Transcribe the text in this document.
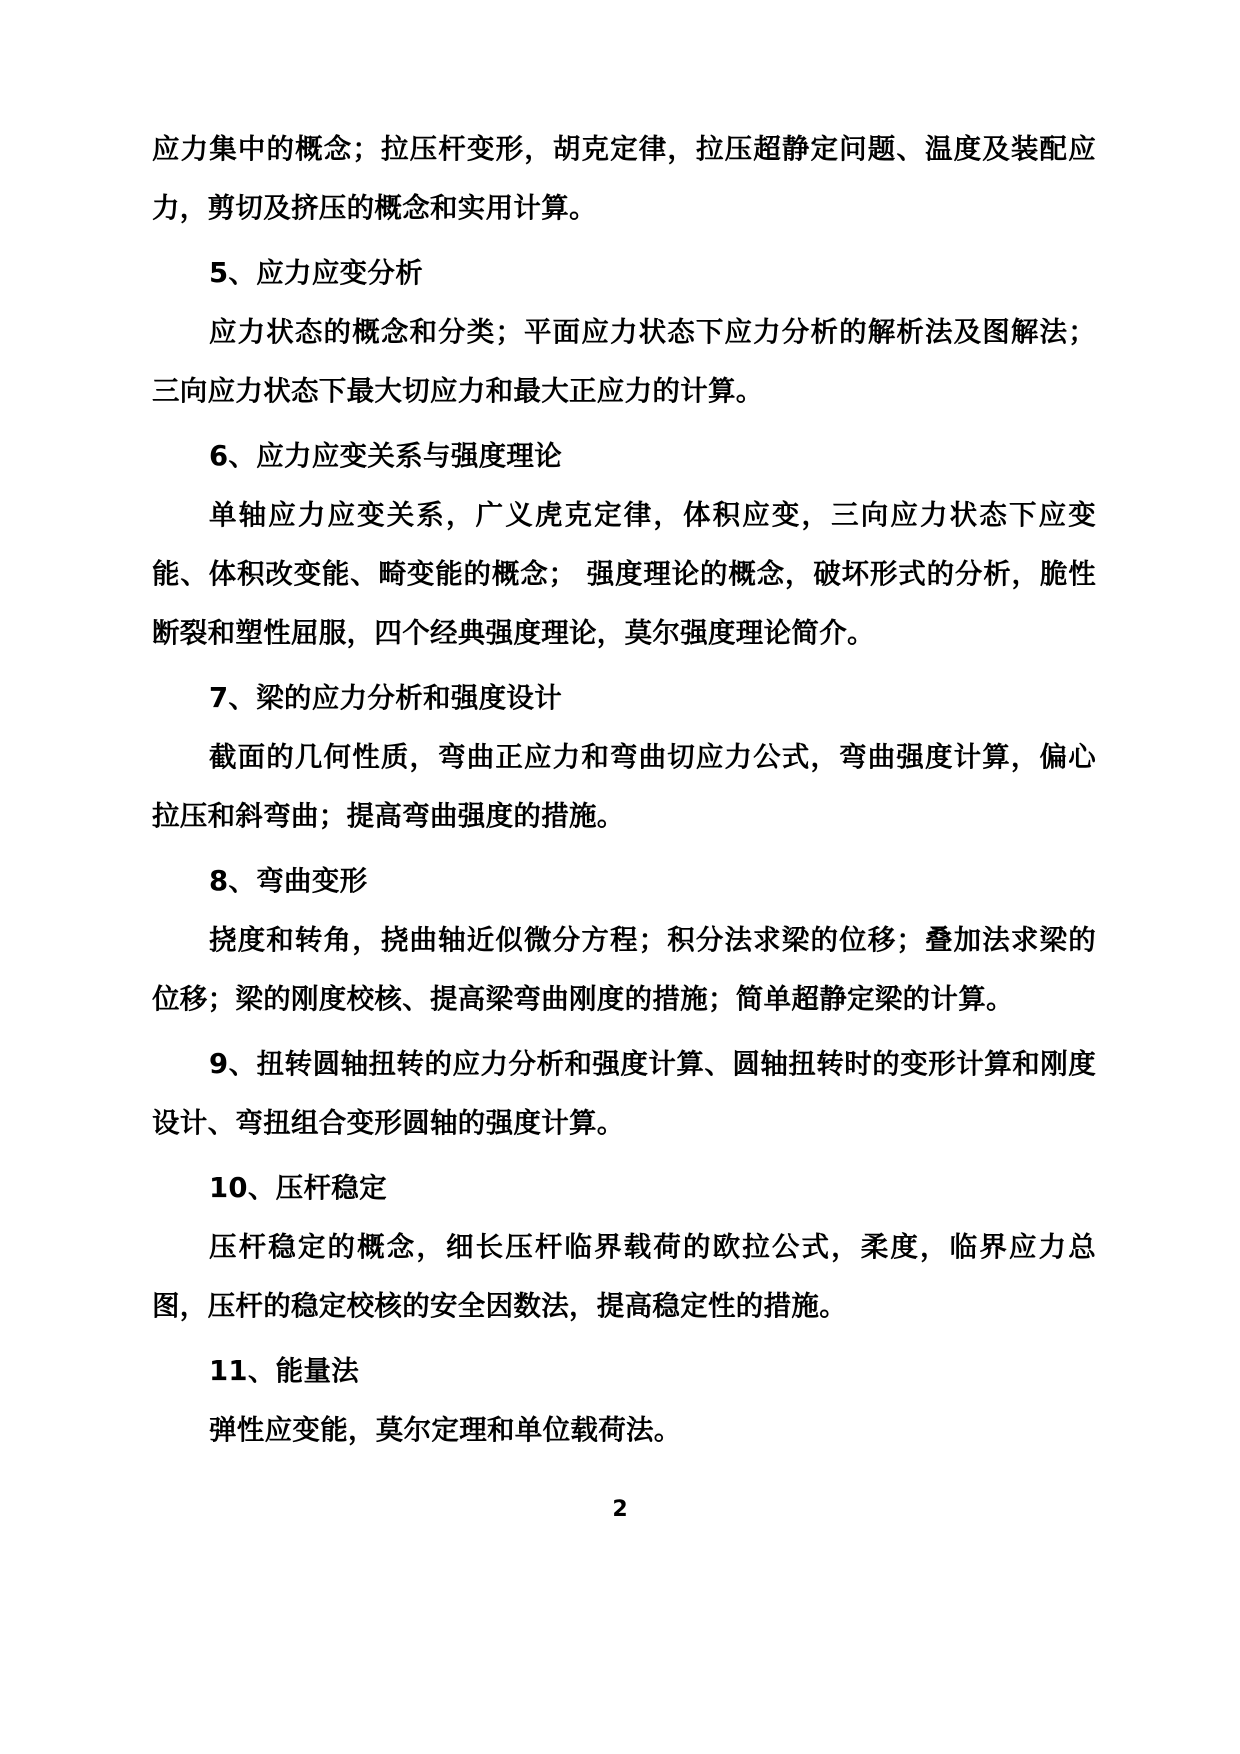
应力集中的概念；拉压杆变形，胡克定律，拉压超静定问题、温度及装配应力，剪切及挤压的概念和实用计算。

5、应力应变分析

应力状态的概念和分类；平面应力状态下应力分析的解析法及图解法；三向应力状态下最大切应力和最大正应力的计算。

6、应力应变关系与强度理论

单轴应力应变关系，广义虎克定律，体积应变，三向应力状态下应变能、体积改变能、畸变能的概念； 强度理论的概念，破坏形式的分析，脆性断裂和塑性屈服，四个经典强度理论，莫尔强度理论简介。

7、梁的应力分析和强度设计

截面的几何性质，弯曲正应力和弯曲切应力公式，弯曲强度计算，偏心拉压和斜弯曲；提高弯曲强度的措施。

8、弯曲变形

挠度和转角，挠曲轴近似微分方程；积分法求梁的位移；叠加法求梁的位移；梁的刚度校核、提高梁弯曲刚度的措施；简单超静定梁的计算。

9、扭转圆轴扭转的应力分析和强度计算、圆轴扭转时的变形计算和刚度设计、弯扭组合变形圆轴的强度计算。

10、压杆稳定

压杆稳定的概念，细长压杆临界载荷的欧拉公式，柔度，临界应力总图，压杆的稳定校核的安全因数法，提高稳定性的措施。

11、能量法

弹性应变能，莫尔定理和单位载荷法。

2
